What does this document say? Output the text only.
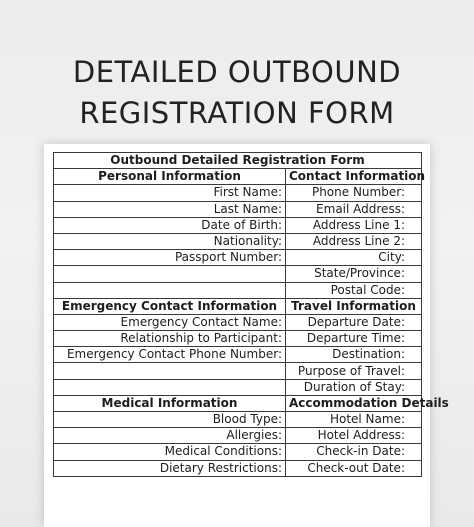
DETAILED OUTBOUND
REGISTRATION FORM
Outbound Detailed Registration Form	
Personal Information	Contact Information
First Name:	Phone Number:
Last Name:	Email Address:
Date of Birth:	Address Line 1:
Nationality:	Address Line 2:
Passport Number:	City:
	State/Province:
	Postal Code:
Emergency Contact Information	Travel Information
Emergency Contact Name:	Departure Date:
Relationship to Participant:	Departure Time:
Emergency Contact Phone Number:	Destination:
	Purpose of Travel:
	Duration of Stay:
Medical Information	Accommodation Details
Blood Type:	Hotel Name:
Allergies:	Hotel Address:
Medical Conditions:	Check-in Date:
Dietary Restrictions:	Check-out Date:
